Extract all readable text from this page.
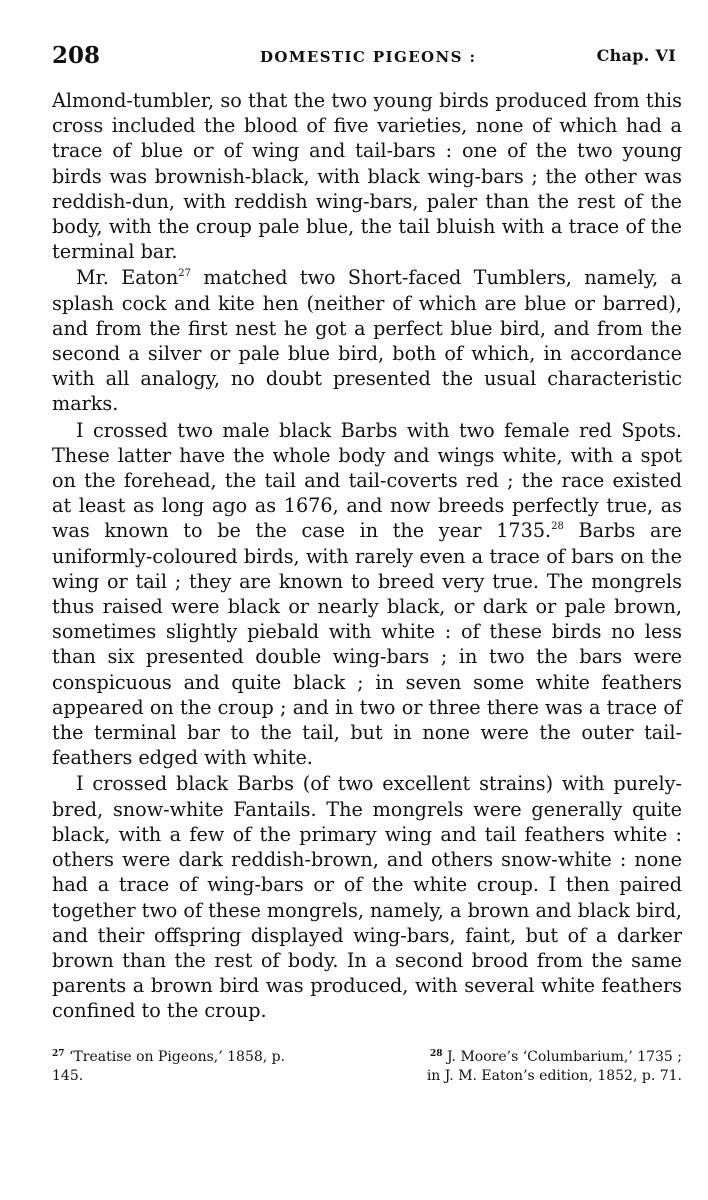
208	DOMESTIC PIGEONS :	Chap. VI

Almond-tumbler, so that the two young birds produced from this cross included the blood of five varieties, none of which had a trace of blue or of wing and tail-bars : one of the two young birds was brownish-black, with black wing-bars ; the other was reddish-dun, with reddish wing-bars, paler than the rest of the body, with the croup pale blue, the tail bluish with a trace of the terminal bar.

Mr. Eaton$^{27}$ matched two Short-faced Tumblers, namely, a splash cock and kite hen (neither of which are blue or barred), and from the first nest he got a perfect blue bird, and from the second a silver or pale blue bird, both of which, in accordance with all analogy, no doubt presented the usual characteristic marks.

I crossed two male black Barbs with two female red Spots. These latter have the whole body and wings white, with a spot on the forehead, the tail and tail-coverts red ; the race existed at least as long ago as 1676, and now breeds perfectly true, as was known to be the case in the year 1735.28 Barbs are uniformly-coloured birds, with rarely even a trace of bars on the wing or tail ; they are known to breed very true. The mongrels thus raised were black or nearly black, or dark or pale brown, sometimes slightly piebald with white : of these birds no less than six presented double wing-bars ; in two the bars were conspicuous and quite black ; in seven some white feathers appeared on the croup ; and in two or three there was a trace of the terminal bar to the tail, but in none were the outer tail-feathers edged with white.

I crossed black Barbs (of two excellent strains) with purely-bred, snow-white Fantails. The mongrels were generally quite black, with a few of the primary wing and tail feathers white : others were dark reddish-brown, and others snow-white : none had a trace of wing-bars or of the white croup. I then paired together two of these mongrels, namely, a brown and black bird, and their offspring displayed wing-bars, faint, but of a darker brown than the rest of body. In a second brood from the same parents a brown bird was produced, with several white feathers confined to the croup.

$^{27}$ ‘Treatise on Pigeons,’ 1858, p.
145.
$^{28}$ J. Moore’s ‘Columbarium,’ 1735 ;
in J. M. Eaton’s edition, 1852, p. 71.
